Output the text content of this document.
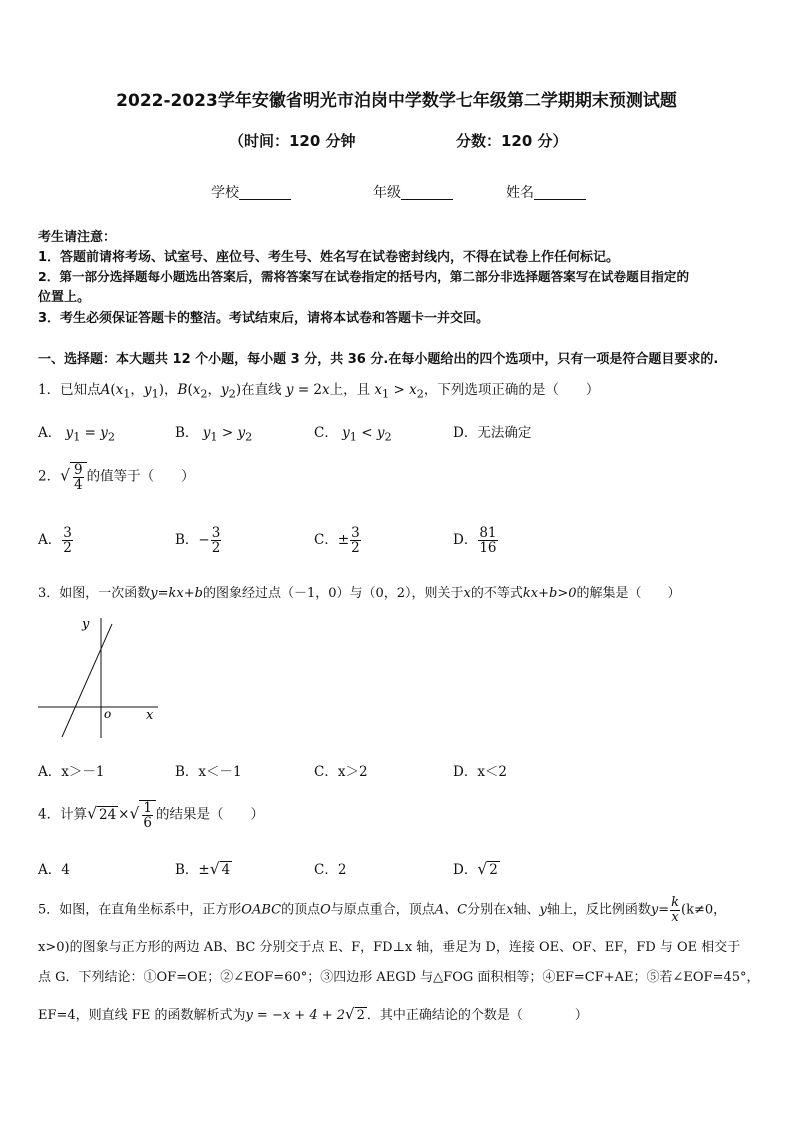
2022-2023学年安徽省明光市泊岗中学数学七年级第二学期期末预测试题
（时间：120 分钟	分数：120 分）
学校	年级	姓名
考生请注意：
1．答题前请将考场、试室号、座位号、考生号、姓名写在试卷密封线内，不得在试卷上作任何标记。
2．第一部分选择题每小题选出答案后，需将答案写在试卷指定的括号内，第二部分非选择题答案写在试卷题目指定的
位置上。
3．考生必须保证答题卡的整洁。考试结束后，请将本试卷和答题卡一并交回。
一、选择题：本大题共 12 个小题，每小题 3 分，共 36 分.在每小题给出的四个选项中，只有一项是符合题目要求的.
1．已知点$A(x_1$，$y_1$)，$B(x_2$，$y_2$)在直线 y = 2x上，且 $x_1 > x_2$，下列选项正确的是（　　）
A． $y_1 = y_2$	B． $y_1 > y_2$	C． $y_1 < y_2$	D．无法确定
2．√ $\frac{9}{4}$ 的值等于（　　）
A． $\frac{3}{2}$	B．− $\frac{3}{2}$	C．± $\frac{3}{2}$	D． $\frac{81}{16}$
3．如图，一次函数y=kx+b的图象经过点（－1，0）与（0，2），则关于x的不等式kx+b>0的解集是（　　）
y
x
o
A．x＞－1	B．x＜－1	C．x＞2	D．x＜2
4．计算√ 24 ×√ $\frac{1}{6}$ 的结果是（　　）
A．4	B．±√ 4	C．2	D．√ 2
5．如图，在直角坐标系中，正方形OABC的顶点O与原点重合，顶点A、C分别在x轴、y轴上，反比例函数$y= \frac{k}{x} (k\ne 0$，
x>0)的图象与正方形的两边 AB、BC 分别交于点 E、F，FD⊥x 轴，垂足为 D，连接 OE、OF、EF，FD 与 OE 相交于
点 G．下列结论：①OF=OE；②∠EOF=60°；③四边形 AEGD 与△FOG 面积相等；④EF=CF+AE；⑤若∠EOF=45°，
EF=4，则直线 FE 的函数解析式为y = −x + 4 + 2√ 2 ．其中正确结论的个数是（　　　　）
